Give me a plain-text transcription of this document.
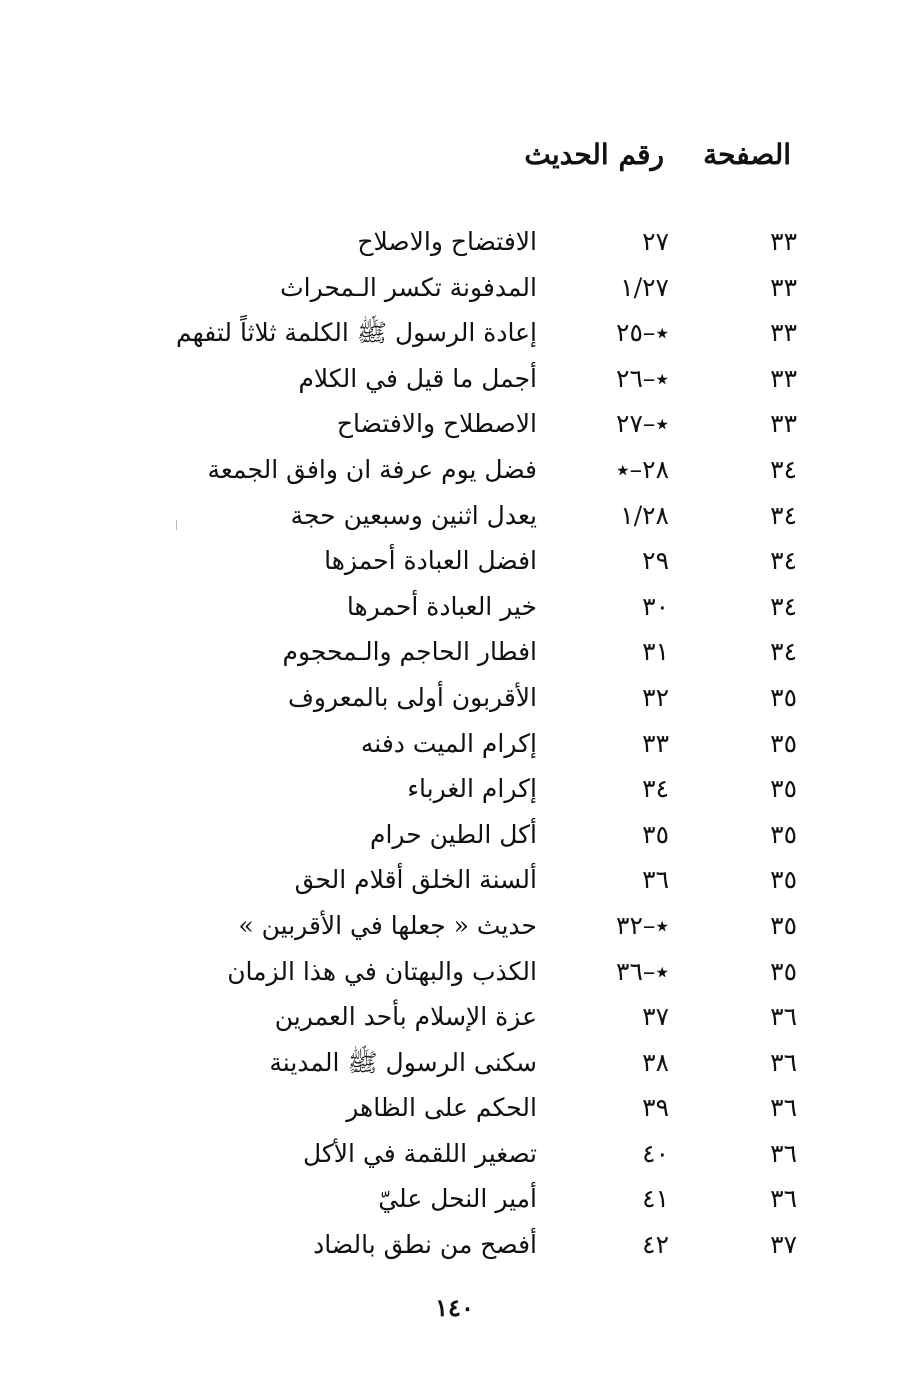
الصفحة
رقم الحديث
٣٣
٢٧
الافتضاح والاصلاح
٣٣
١/٢٧
المدفونة تكسر الـمحراث
٣٣
٭–٢٥
إعادة الرسول ﷺ الكلمة ثلاثاً لتفهم
٣٣
٭–٢٦
أجمل ما قيل في الكلام
٣٣
٭–٢٧
الاصطلاح والافتضاح
٣٤
٢٨–٭
فضل يوم عرفة ان وافق الجمعة
٣٤
١/٢٨
يعدل اثنين وسبعين حجة
٣٤
٢٩
افضل العبادة أحمزها
٣٤
٣٠
خير العبادة أحمرها
٣٤
٣١
افطار الحاجم والـمحجوم
٣٥
٣٢
الأقربون أولى بالمعروف
٣٥
٣٣
إكرام الميت دفنه
٣٥
٣٤
إكرام الغرباء
٣٥
٣٥
أكل الطين حرام
٣٥
٣٦
ألسنة الخلق أقلام الحق
٣٥
٭–٣٢
حديث « جعلها في الأقربين »
٣٥
٭–٣٦
الكذب والبهتان في هذا الزمان
٣٦
٣٧
عزة الإسلام بأحد العمرين
٣٦
٣٨
سكنى الرسول ﷺ المدينة
٣٦
٣٩
الحكم على الظاهر
٣٦
٤٠
تصغير اللقمة في الأكل
٣٦
٤١
أمير النحل عليّ
٣٧
٤٢
أفصح من نطق بالضاد
١٤٠
